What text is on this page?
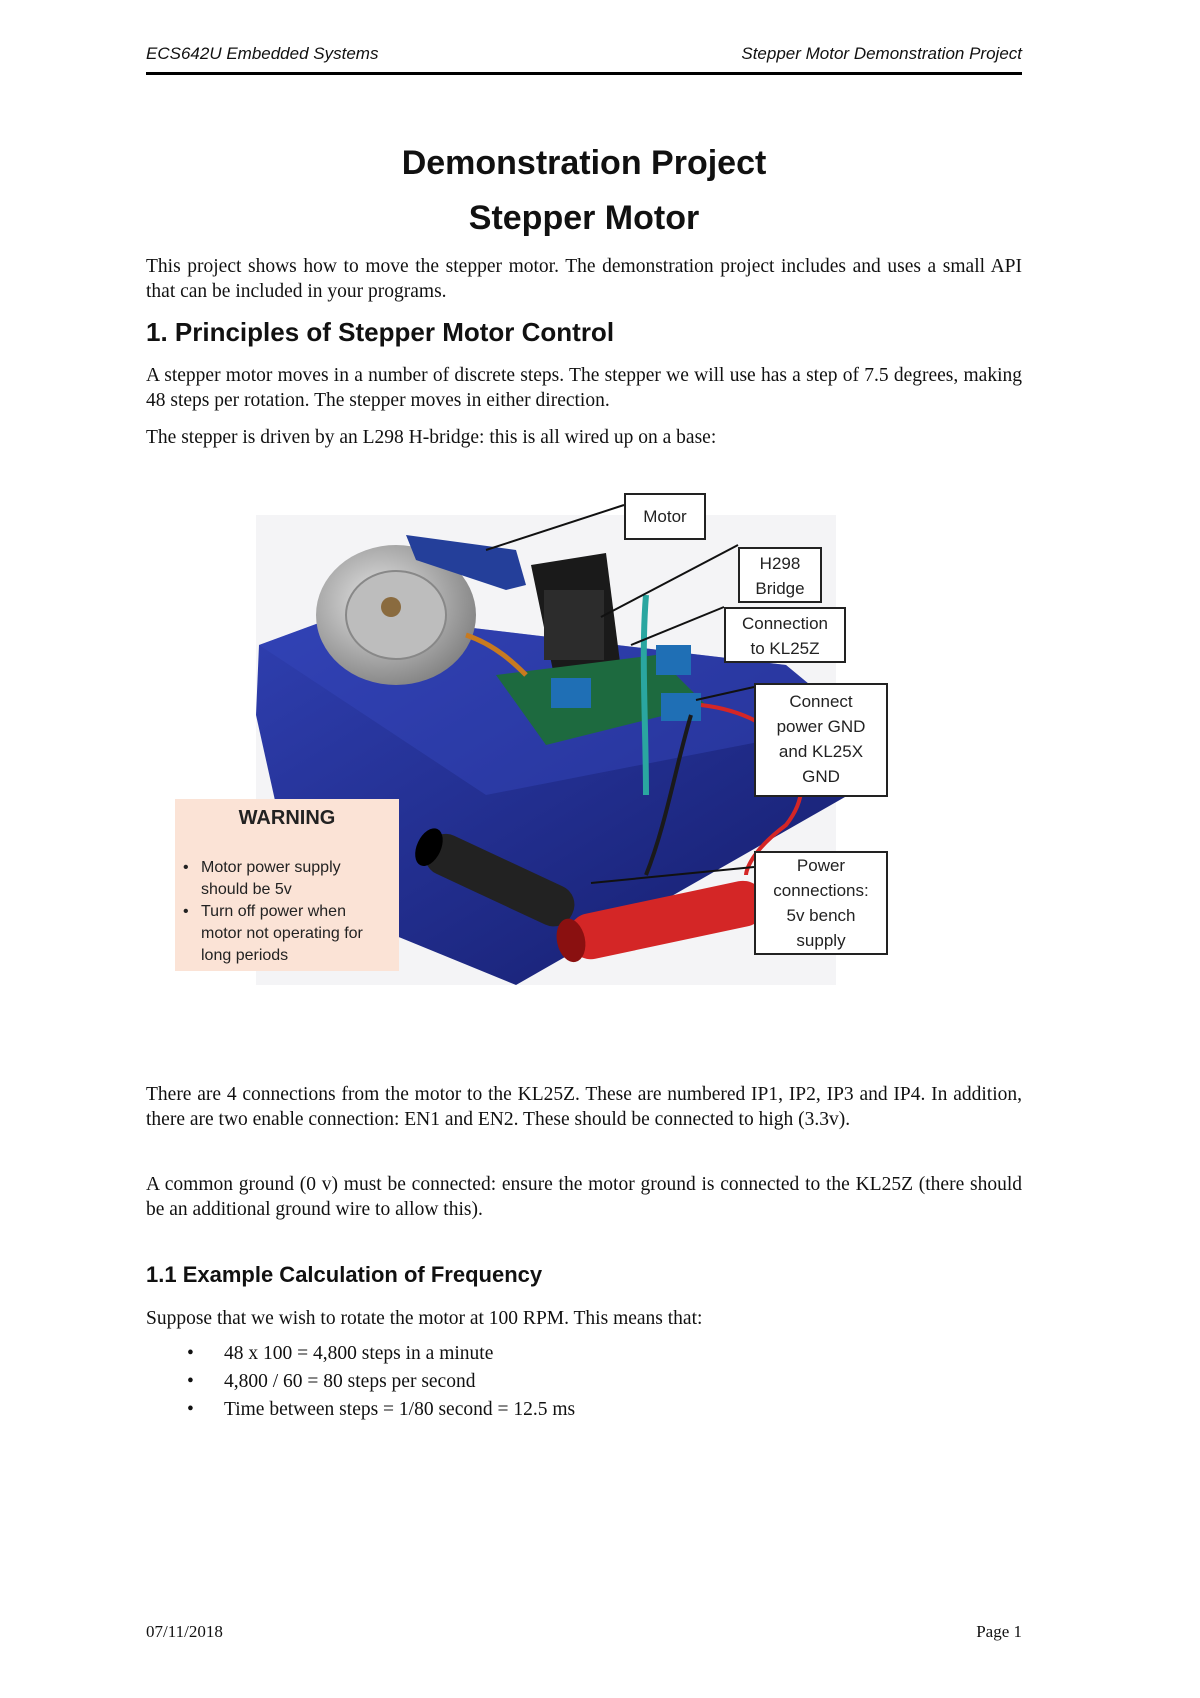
ECS642U Embedded Systems	Stepper Motor Demonstration Project
Demonstration Project
Stepper Motor

This project shows how to move the stepper motor. The demonstration project includes and uses a small API that can be included in your programs.

1. Principles of Stepper Motor Control

A stepper motor moves in a number of discrete steps. The stepper we will use has a step of 7.5 degrees, making 48 steps per rotation. The stepper moves in either direction.

The stepper is driven by an L298 H-bridge: this is all wired up on a base:

Motor
H298
Bridge
Connection
to KL25Z
Connect
power GND
and KL25X
GND
Power
connections:
5v bench
supply
WARNING
• Motor power supply should be 5v
• Turn off power when motor not operating for long periods

There are 4 connections from the motor to the KL25Z. These are numbered IP1, IP2, IP3 and IP4. In addition, there are two enable connection: EN1 and EN2. These should be connected to high (3.3v).

A common ground (0 v) must be connected: ensure the motor ground is connected to the KL25Z (there should be an additional ground wire to allow this).

1.1 Example Calculation of Frequency

Suppose that we wish to rotate the motor at 100 RPM. This means that:

• 48 x 100 = 4,800 steps in a minute
• 4,800 / 60 = 80 steps per second
• Time between steps = 1/80 second = 12.5 ms
07/11/2018	Page 1
